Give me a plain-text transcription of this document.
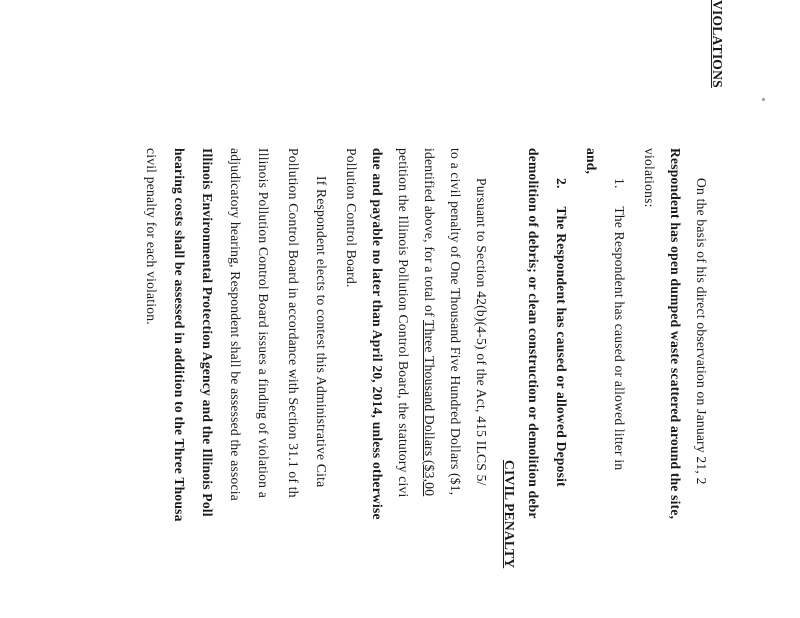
VIOLATIONS
On the basis of his direct observation on January 21, 2
Respondent has open dumped waste scattered around the site,
violations:
1.     The Respondent has caused or allowed litter in
and,
2.     The Respondent has caused or allowed Deposit
demolition of debris; or clean construction or demolition debr
CIVIL PENALTY
Pursuant to Section 42(b)(4-5) of the Act, 415 ILCS 5/
to a civil penalty of One Thousand Five Hundred Dollars ($1,
identified above, for a total of Three Thousand Dollars ($3,00
petition the Illinois Pollution Control Board, the statutory civi
due and payable no later than April 20, 2014, unless otherwise
Pollution Control Board.
If Respondent elects to contest this Administrative Cita
Pollution Control Board in accordance with Section 31.1 of th
Illinois Pollution Control Board issues a finding of violation a
adjudicatory hearing, Respondent shall be assessed the associa
Illinois Environmental Protection Agency and the Illinois Poll
hearing costs shall be assessed in addition to the Three Thousa
civil penalty for each violation.
